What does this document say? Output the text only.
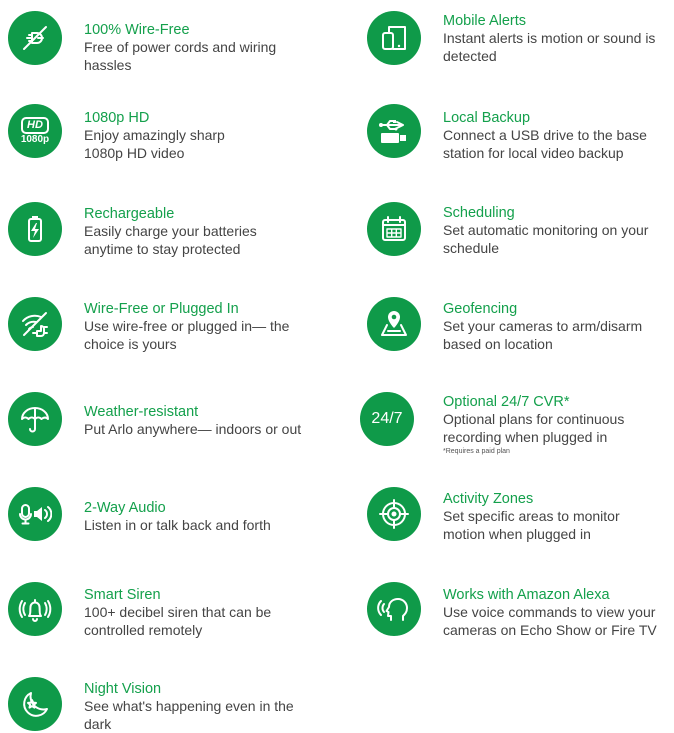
100% Wire-Free
Free of power cords and wiring hassles
HD
1080p
1080p HD
Enjoy amazingly sharp 1080p HD video
Rechargeable
Easily charge your batteries anytime to stay protected
Wire-Free or Plugged In
Use wire-free or plugged in— the choice is yours
Weather-resistant
Put Arlo anywhere— indoors or out
2-Way Audio
Listen in or talk back and forth
Smart Siren
100+ decibel siren that can be controlled remotely
Night Vision
See what's happening even in the dark
Mobile Alerts
Instant alerts is motion or sound is detected
Local Backup
Connect a USB drive to the base station for local video backup
Scheduling
Set automatic monitoring on your schedule
Geofencing
Set your cameras to arm/disarm based on location
24/7
Optional 24/7 CVR*
Optional plans for continuous recording when plugged in
*Requires a paid plan
Activity Zones
Set specific areas to monitor motion when plugged in
Works with Amazon Alexa
Use voice commands to view your cameras on Echo Show or Fire TV
